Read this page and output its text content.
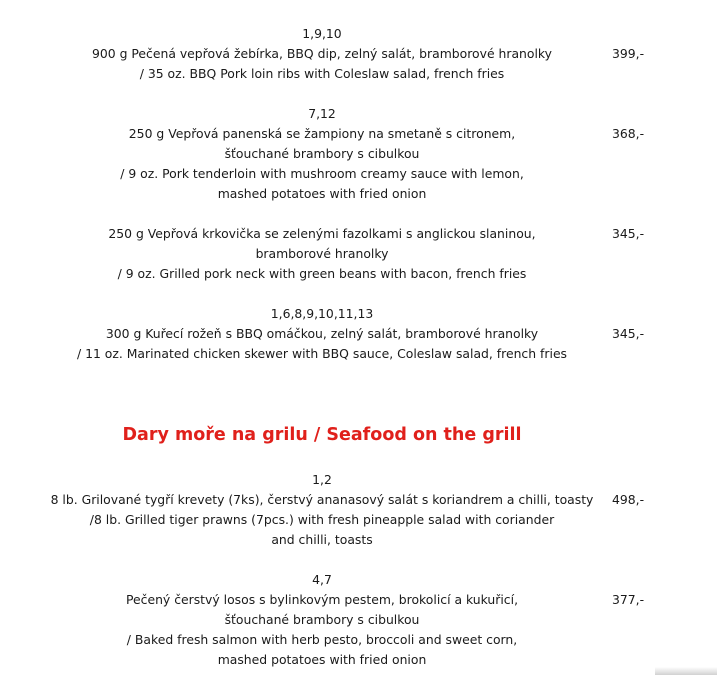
1,9,10
900 g Pečená vepřová žebírka, BBQ dip, zelný salát, bramborové hranolky	399,-
/ 35 oz. BBQ Pork loin ribs with Coleslaw salad, french fries
7,12
250 g Vepřová panenská se žampiony na smetaně s citronem,	368,-
šťouchané brambory s cibulkou
/ 9 oz. Pork tenderloin with mushroom creamy sauce with lemon,
mashed potatoes with fried onion
250 g Vepřová krkovička se zelenými fazolkami s anglickou slaninou,	345,-
bramborové hranolky
/ 9 oz. Grilled pork neck with green beans with bacon, french fries
1,6,8,9,10,11,13
300 g Kuřecí rožeň s BBQ omáčkou, zelný salát, bramborové hranolky	345,-
/ 11 oz. Marinated chicken skewer with BBQ sauce, Coleslaw salad, french fries
Dary moře na grilu / Seafood on the grill
1,2
8 lb. Grilované tygří krevety (7ks), čerstvý ananasový salát s koriandrem a chilli, toasty	498,-
/8 lb. Grilled tiger prawns (7pcs.) with fresh pineapple salad with coriander
and chilli, toasts
4,7
Pečený čerstvý losos s bylinkovým pestem, brokolicí a kukuřicí,	377,-
šťouchané brambory s cibulkou
/ Baked fresh salmon with herb pesto, broccoli and sweet corn,
mashed potatoes with fried onion
